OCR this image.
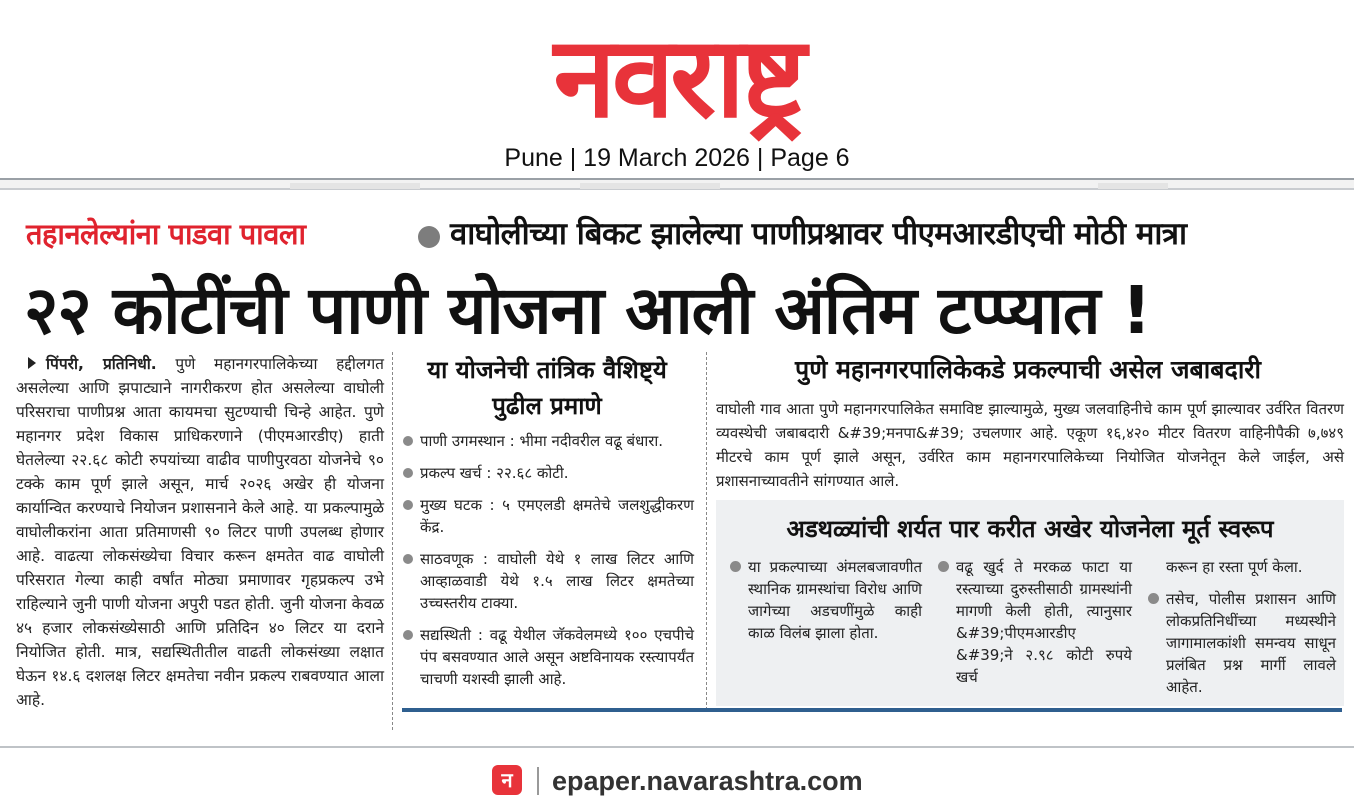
नवराष्ट्र
Pune | 19 March 2026 | Page 6
तहानलेल्यांना पाडवा पावला	वाघोलीच्या बिकट झालेल्या पाणीप्रश्नावर पीएमआरडीएची मोठी मात्रा
२२ कोटींची पाणी योजना आली अंतिम टप्प्यात !
पिंपरी, प्रतिनिधी. पुणे महानगरपालिकेच्या हद्दीलगत असलेल्या आणि झपाट्याने नागरीकरण होत असलेल्या वाघोली परिसराचा पाणीप्रश्न आता कायमचा सुटण्याची चिन्हे आहेत. पुणे महानगर प्रदेश विकास प्राधिकरणाने (पीएमआरडीए) हाती घेतलेल्या २२.६८ कोटी रुपयांच्या वाढीव पाणीपुरवठा योजनेचे ९० टक्के काम पूर्ण झाले असून, मार्च २०२६ अखेर ही योजना कार्यान्वित करण्याचे नियोजन प्रशासनाने केले आहे. या प्रकल्पामुळे वाघोलीकरांना आता प्रतिमाणसी ९० लिटर पाणी उपलब्ध होणार आहे. वाढत्या लोकसंख्येचा विचार करून क्षमतेत वाढ वाघोली परिसरात गेल्या काही वर्षांत मोठ्या प्रमाणावर गृहप्रकल्प उभे राहिल्याने जुनी पाणी योजना अपुरी पडत होती. जुनी योजना केवळ ४५ हजार लोकसंख्येसाठी आणि प्रतिदिन ४० लिटर या दराने नियोजित होती. मात्र, सद्यस्थितीतील वाढती लोकसंख्या लक्षात घेऊन १४.६ दशलक्ष लिटर क्षमतेचा नवीन प्रकल्प राबवण्यात आला आहे.
या योजनेची तांत्रिक वैशिष्ट्ये पुढील प्रमाणे
पाणी उगमस्थान : भीमा नदीवरील वढू बंधारा.
प्रकल्प खर्च : २२.६८ कोटी.
मुख्य घटक : ५ एमएलडी क्षमतेचे जलशुद्धीकरण केंद्र.
साठवणूक : वाघोली येथे १ लाख लिटर आणि आव्हाळवाडी येथे १.५ लाख लिटर क्षमतेच्या उच्चस्तरीय टाक्या.
सद्यस्थिती : वढू येथील जॅकवेलमध्ये १०० एचपीचे पंप बसवण्यात आले असून अष्टविनायक रस्त्यापर्यंत चाचणी यशस्वी झाली आहे.
पुणे महानगरपालिकेकडे प्रकल्पाची असेल जबाबदारी
वाघोली गाव आता पुणे महानगरपालिकेत समाविष्ट झाल्यामुळे, मुख्य जलवाहिनीचे काम पूर्ण झाल्यावर उर्वरित वितरण व्यवस्थेची जबाबदारी &#39;मनपा&#39; उचलणार आहे. एकूण १६,४२० मीटर वितरण वाहिनीपैकी ७,७४९ मीटरचे काम पूर्ण झाले असून, उर्वरित काम महानगरपालिकेच्या नियोजित योजनेतून केले जाईल, असे प्रशासनाच्यावतीने सांगण्यात आले.
अडथळ्यांची शर्यत पार करीत अखेर योजनेला मूर्त स्वरूप
या प्रकल्पाच्या अंमलबजावणीत स्थानिक ग्रामस्थांचा विरोध आणि जागेच्या अडचणींमुळे काही काळ विलंब झाला होता.
वढू खुर्द ते मरकळ फाटा या रस्त्याच्या दुरुस्तीसाठी ग्रामस्थांनी मागणी केली होती, त्यानुसार &#39;पीएमआरडीए &#39;ने २.९८ कोटी रुपये खर्च
करून हा रस्ता पूर्ण केला.
तसेच, पोलीस प्रशासन आणि लोकप्रतिनिधींच्या मध्यस्थीने जागामालकांशी समन्वय साधून प्रलंबित प्रश्न मार्गी लावले आहेत.
न	epaper.navarashtra.com
